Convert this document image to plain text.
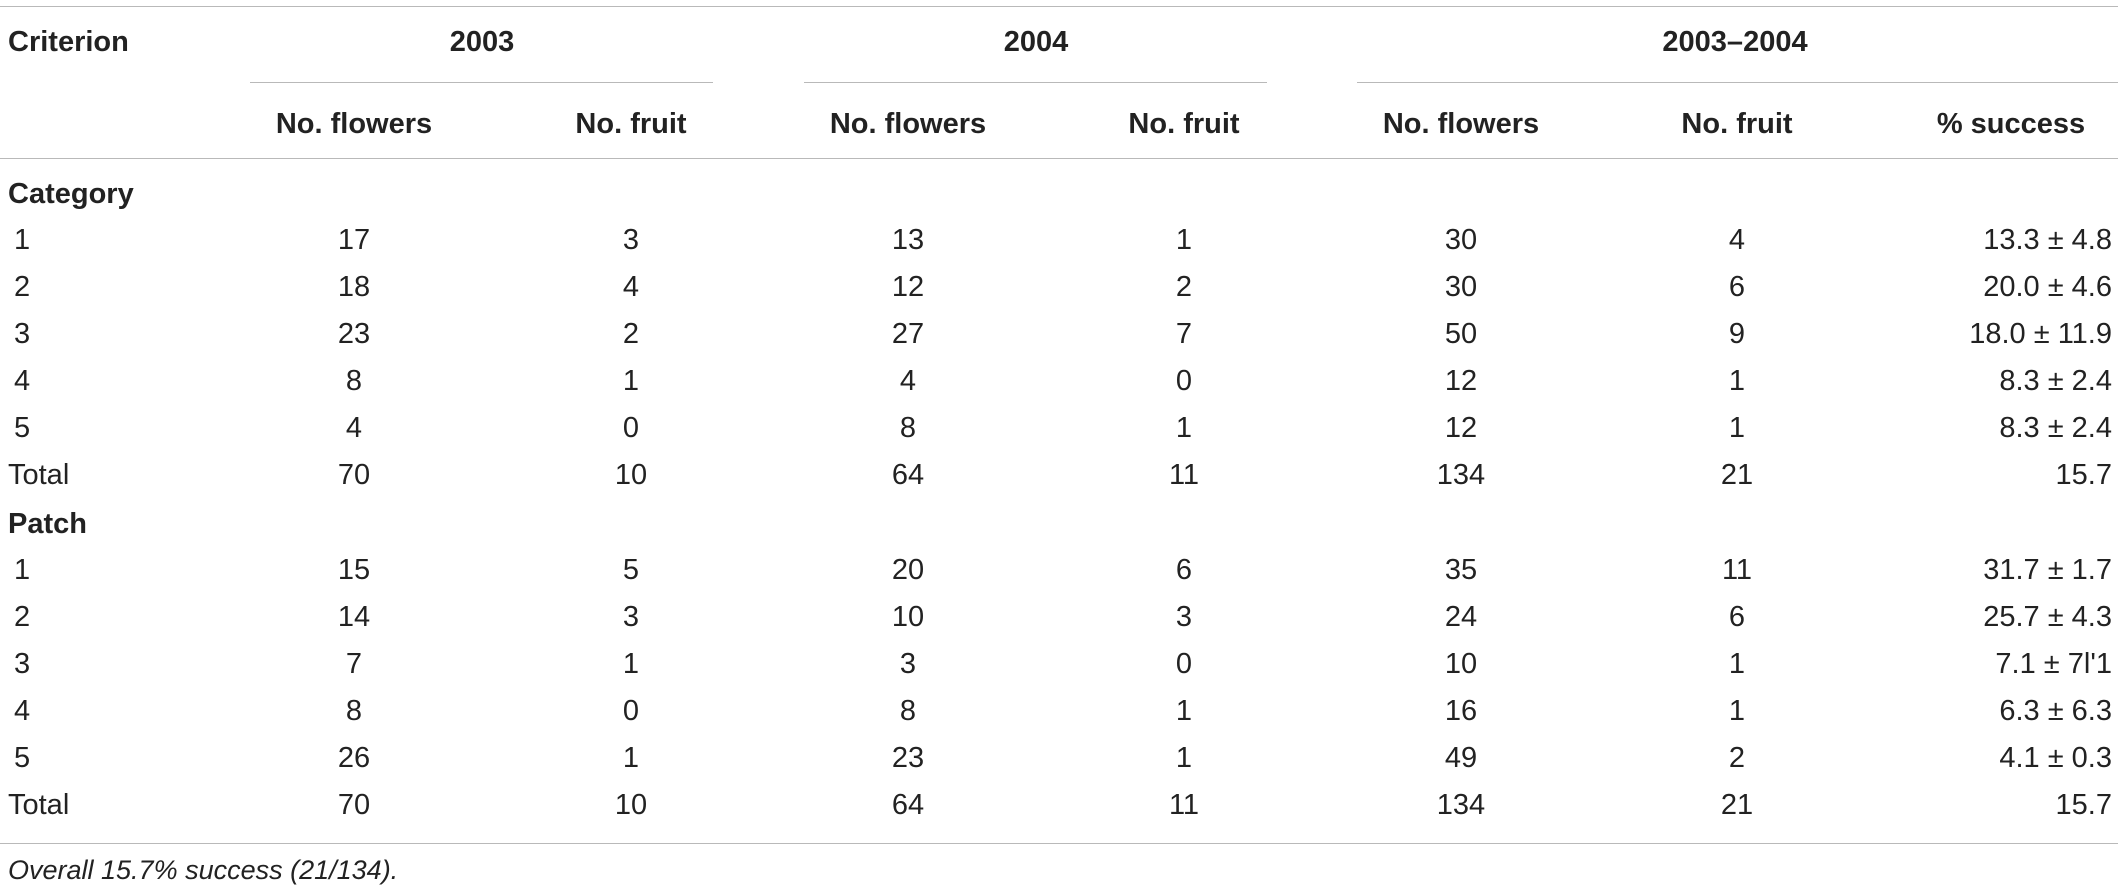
Criterion	2003	2004	2003–2004
No. flowers	No. fruit	No. flowers	No. fruit	No. flowers	No. fruit	% success
Category
1	17	3	13	1	30	4	13.3 ± 4.8
2	18	4	12	2	30	6	20.0 ± 4.6
3	23	2	27	7	50	9	18.0 ± 11.9
4	8	1	4	0	12	1	8.3 ± 2.4
5	4	0	8	1	12	1	8.3 ± 2.4
Total	70	10	64	11	134	21	15.7
Patch
1	15	5	20	6	35	11	31.7 ± 1.7
2	14	3	10	3	24	6	25.7 ± 4.3
3	7	1	3	0	10	1	7.1 ± 7l'1
4	8	0	8	1	16	1	6.3 ± 6.3
5	26	1	23	1	49	2	4.1 ± 0.3
Total	70	10	64	11	134	21	15.7
Overall 15.7% success (21/134).
